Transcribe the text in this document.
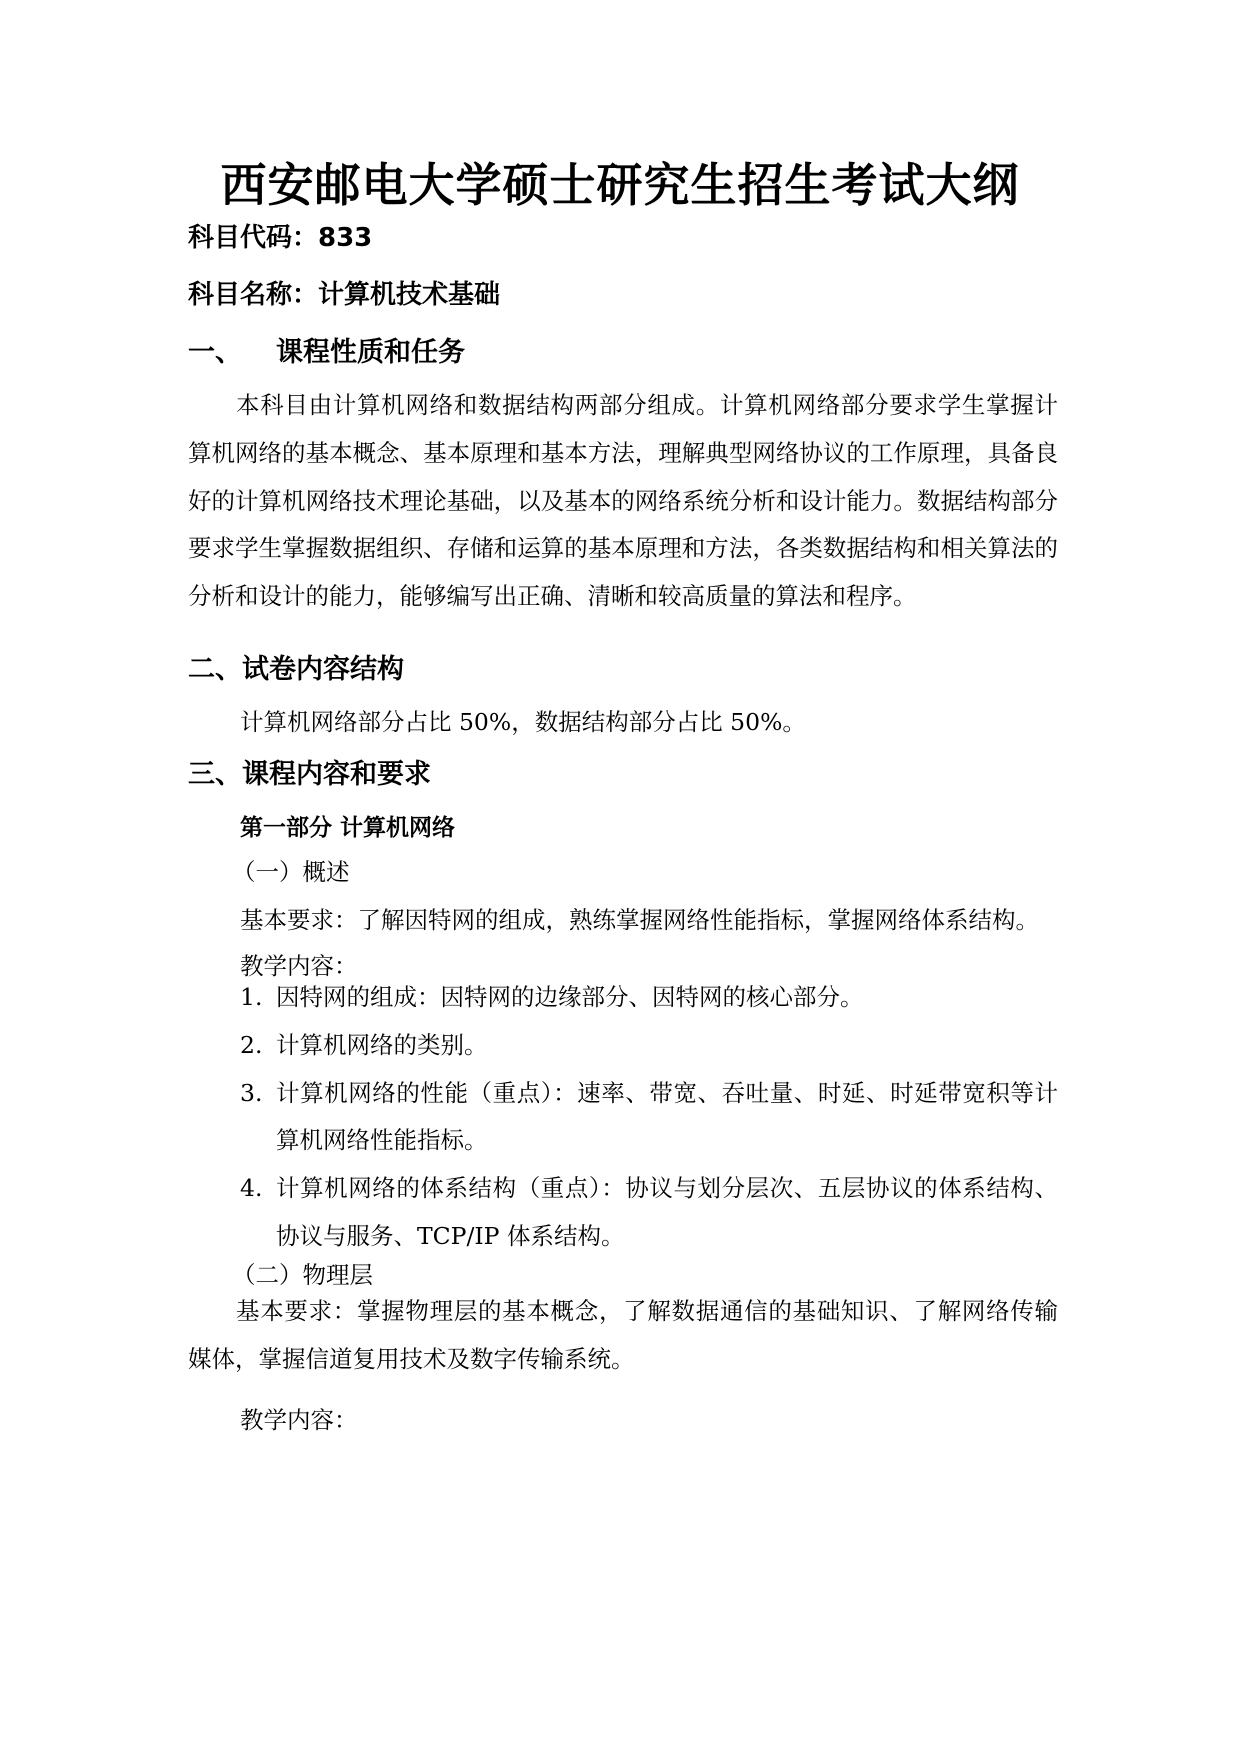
西安邮电大学硕士研究生招生考试大纲
科目代码：833
科目名称：计算机技术基础
一、 课程性质和任务
本科目由计算机网络和数据结构两部分组成。计算机网络部分要求学生掌握计算机网络的基本概念、基本原理和基本方法，理解典型网络协议的工作原理，具备良好的计算机网络技术理论基础，以及基本的网络系统分析和设计能力。数据结构部分要求学生掌握数据组织、存储和运算的基本原理和方法，各类数据结构和相关算法的分析和设计的能力，能够编写出正确、清晰和较高质量的算法和程序。
二、试卷内容结构
计算机网络部分占比 50%，数据结构部分占比 50%。
三、课程内容和要求
第一部分 计算机网络
（一）概述
基本要求：了解因特网的组成，熟练掌握网络性能指标，掌握网络体系结构。
教学内容：
1. 因特网的组成：因特网的边缘部分、因特网的核心部分。
2. 计算机网络的类别。
3. 计算机网络的性能（重点）：速率、带宽、吞吐量、时延、时延带宽积等计算机网络性能指标。
4. 计算机网络的体系结构（重点）：协议与划分层次、五层协议的体系结构、协议与服务、TCP/IP 体系结构。
（二）物理层
基本要求：掌握物理层的基本概念，了解数据通信的基础知识、了解网络传输媒体，掌握信道复用技术及数字传输系统。
教学内容：
